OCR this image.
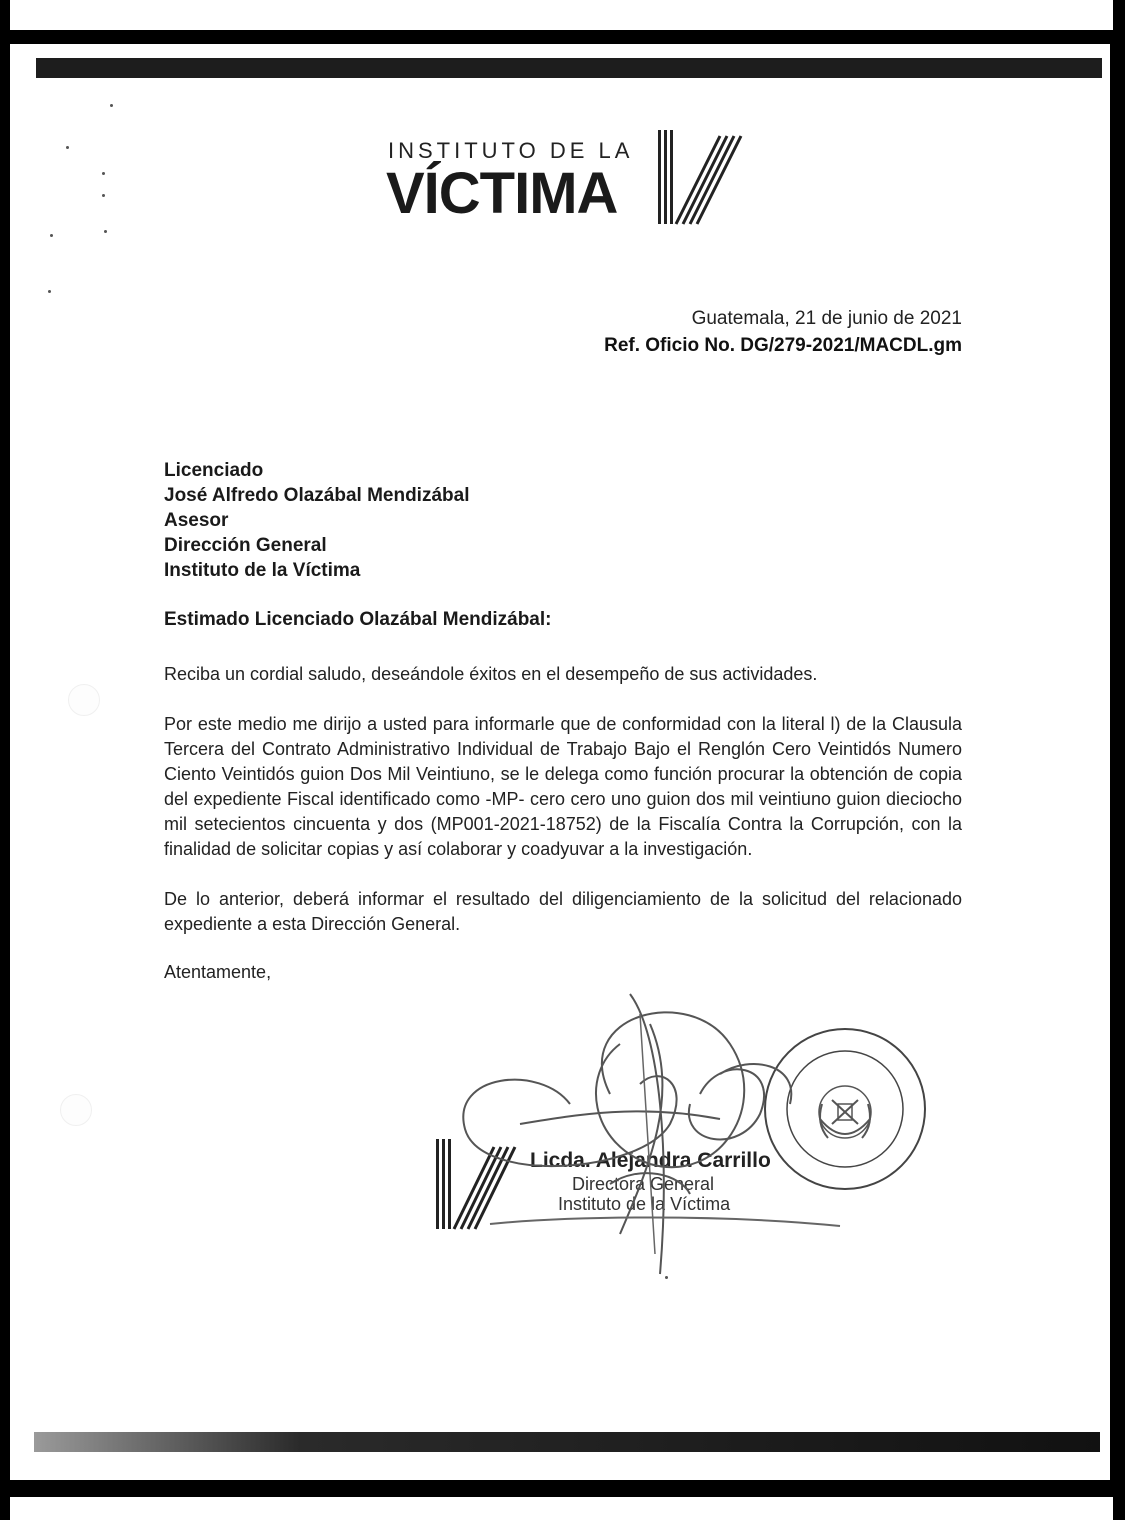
INSTITUTO DE LA
VÍCTIMA
Guatemala, 21 de junio de 2021
Ref. Oficio No. DG/279-2021/MACDL.gm
Licenciado
José Alfredo Olazábal Mendizábal
Asesor
Dirección General
Instituto de la Víctima
Estimado Licenciado Olazábal Mendizábal:
Reciba un cordial saludo, deseándole éxitos en el desempeño de sus actividades.
Por este medio me dirijo a usted para informarle que de conformidad con la literal l) de la Clausula Tercera del Contrato Administrativo Individual de Trabajo Bajo el Renglón Cero Veintidós Numero Ciento Veintidós guion Dos Mil Veintiuno, se le delega como función procurar la obtención de copia del expediente Fiscal identificado como -MP- cero cero uno guion dos mil veintiuno guion dieciocho mil setecientos cincuenta y dos (MP001-2021-18752) de la Fiscalía Contra la Corrupción, con la finalidad de solicitar copias y así colaborar y coadyuvar a la investigación.
De lo anterior, deberá informar el resultado del diligenciamiento de la solicitud del relacionado expediente a esta Dirección General.
Atentamente,
Licda. Alejandra Carrillo
Directora General
Instituto de la Víctima
